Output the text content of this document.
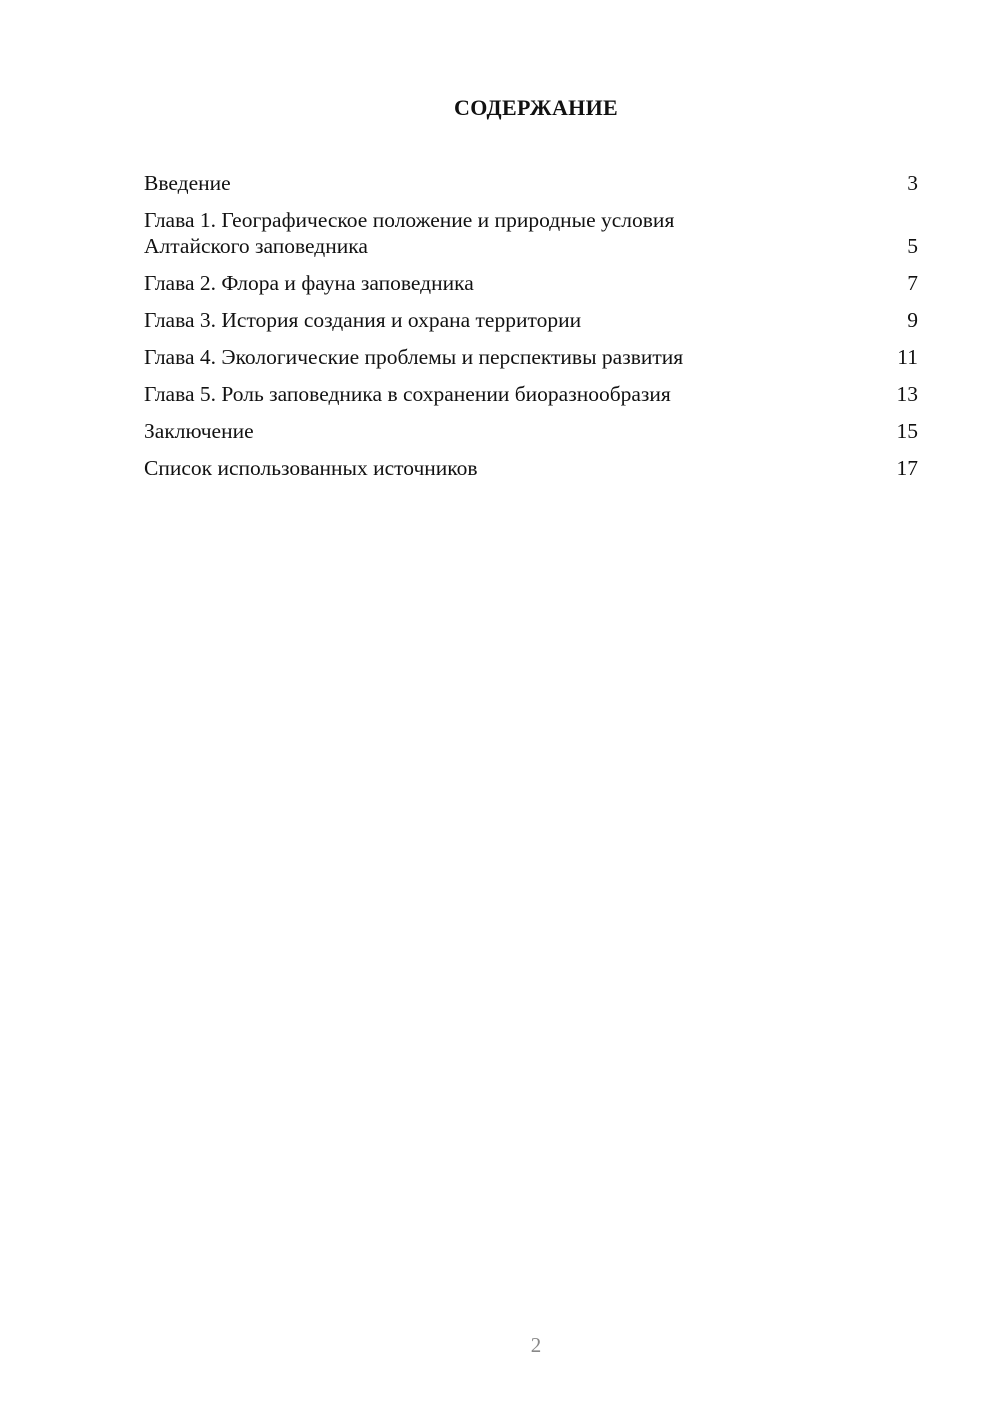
СОДЕРЖАНИЕ
Введение	3
Глава 1. Географическое положение и природные условия
Алтайского заповедника	5
Глава 2. Флора и фауна заповедника	7
Глава 3. История создания и охрана территории	9
Глава 4. Экологические проблемы и перспективы развития	11
Глава 5. Роль заповедника в сохранении биоразнообразия	13
Заключение	15
Список использованных источников	17
2
